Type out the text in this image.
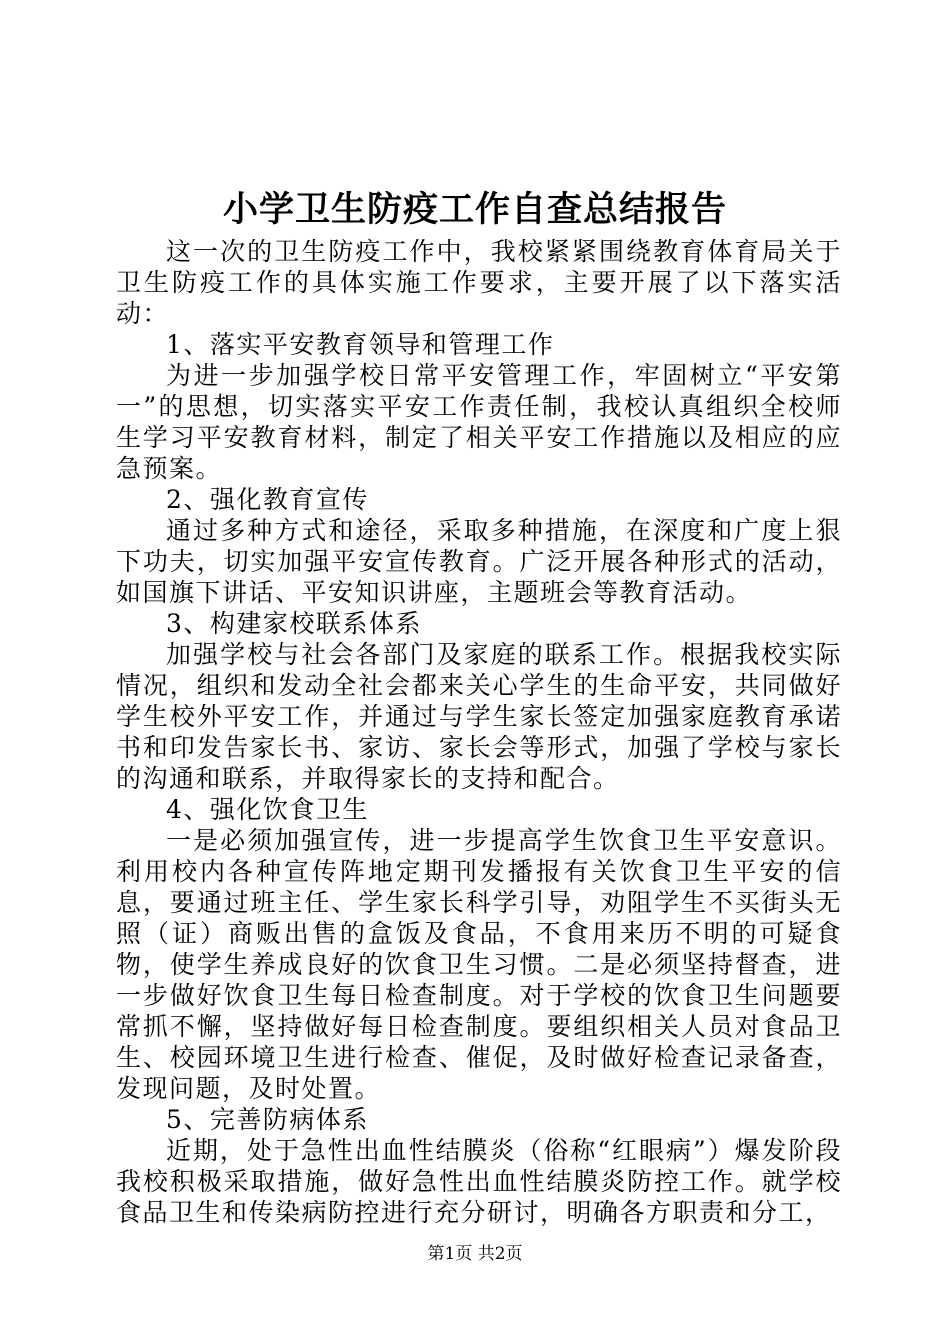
小学卫生防疫工作自查总结报告

这一次的卫生防疫工作中，我校紧紧围绕教育体育局关于卫生防疫工作的具体实施工作要求，主要开展了以下落实活动：

1、落实平安教育领导和管理工作

为进一步加强学校日常平安管理工作，牢固树立“平安第一”的思想，切实落实平安工作责任制，我校认真组织全校师生学习平安教育材料，制定了相关平安工作措施以及相应的应急预案。

2、强化教育宣传

通过多种方式和途径，采取多种措施，在深度和广度上狠下功夫，切实加强平安宣传教育。广泛开展各种形式的活动，如国旗下讲话、平安知识讲座，主题班会等教育活动。

3、构建家校联系体系

加强学校与社会各部门及家庭的联系工作。根据我校实际情况，组织和发动全社会都来关心学生的生命平安，共同做好学生校外平安工作，并通过与学生家长签定加强家庭教育承诺书和印发告家长书、家访、家长会等形式，加强了学校与家长的沟通和联系，并取得家长的支持和配合。

4、强化饮食卫生

一是必须加强宣传，进一步提高学生饮食卫生平安意识。利用校内各种宣传阵地定期刊发播报有关饮食卫生平安的信息，要通过班主任、学生家长科学引导，劝阻学生不买街头无照（证）商贩出售的盒饭及食品，不食用来历不明的可疑食物，使学生养成良好的饮食卫生习惯。二是必须坚持督查，进一步做好饮食卫生每日检查制度。对于学校的饮食卫生问题要常抓不懈，坚持做好每日检查制度。要组织相关人员对食品卫生、校园环境卫生进行检查、催促，及时做好检查记录备查，发现问题，及时处置。

5、完善防病体系

近期，处于急性出血性结膜炎（俗称“红眼病”）爆发阶段我校积极采取措施，做好急性出血性结膜炎防控工作。就学校食品卫生和传染病防控进行充分研讨，明确各方职责和分工，

第1页 共2页
